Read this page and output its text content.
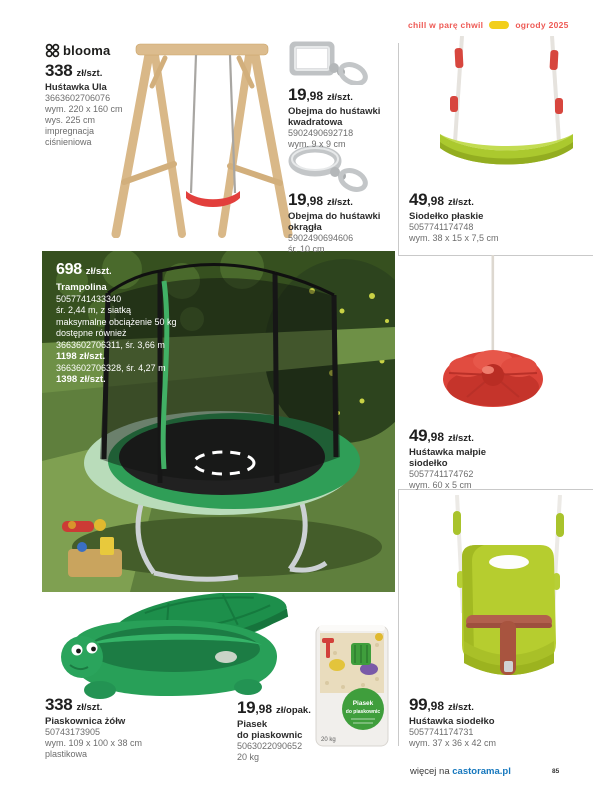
chill w parę chwil	ogrody 2025
blooma
Piasek
do piaskownic
20 kg
338 zł/szt.
Huśtawka Ula
3663602706076
wym. 220 x 160 cm
wys. 225 cm
impregnacja ciśnieniowa
19 ,98 zł/szt.
Obejma do huśtawki
kwadratowa
5902490692718
wym. 9 x 9 cm
19 ,98 zł/szt.
Obejma do huśtawki
okrągła
5902490694606
śr. 10 cm
49 ,98 zł/szt.
Siodełko płaskie
5057741174748
wym. 38 x 15 x 7,5 cm
698 zł/szt.
Trampolina
5057741433340
śr. 2,44 m, z siatką
maksymalne obciążenie 50 kg
dostępne również
3663602706311, śr. 3,66 m
1198 zł/szt.
3663602706328, śr. 4,27 m
1398 zł/szt.
49 ,98 zł/szt.
Huśtawka małpie
siodełko
5057741174762
wym. 60 x 5 cm
338 zł/szt.
Piaskownica żółw
50743173905
wym. 109 x 100 x 38 cm
plastikowa
19 ,98 zł/opak.
Piasek
do piaskownic
5063022090652
20 kg
99 ,98 zł/szt.
Huśtawka siodełko
5057741174731
wym. 37 x 36 x 42 cm
więcej na castorama.pl	85
